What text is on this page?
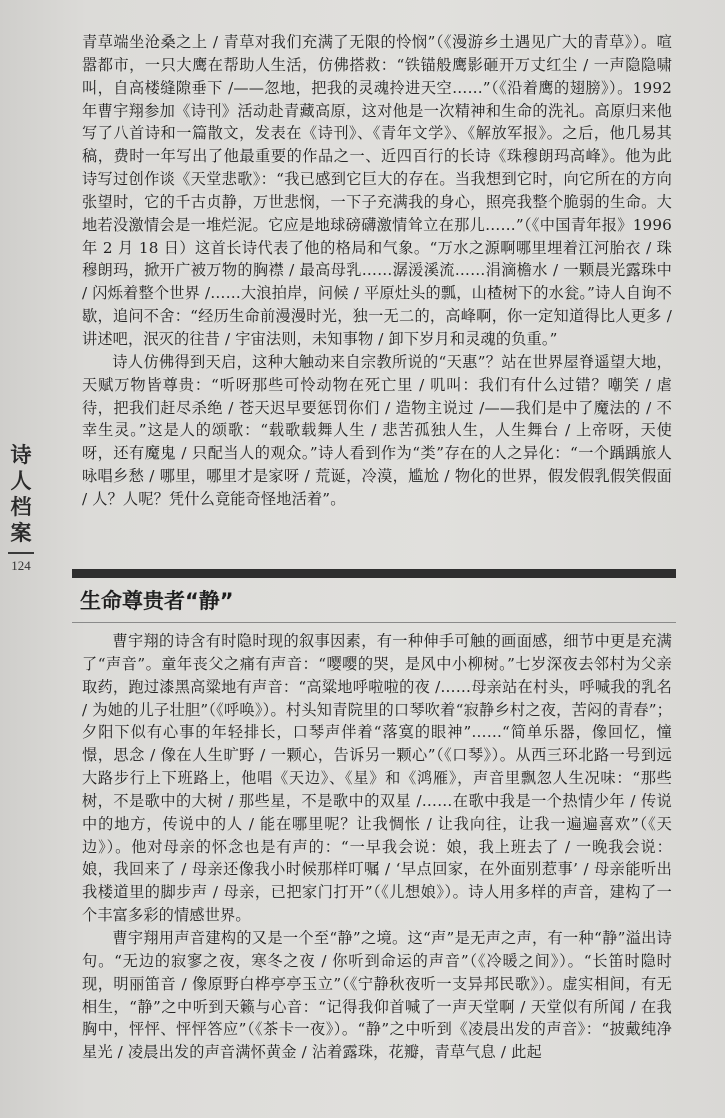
青草端坐沧桑之上 / 青草对我们充满了无限的怜悯”（《漫游乡土遇见广大的青草》）。喧嚣都市，一只大鹰在帮助人生活，仿佛搭救：“铁锚般鹰影砸开万丈红尘 / 一声隐隐啸叫，自高楼缝隙垂下 /——忽地，把我的灵魂拎进天空……”（《沿着鹰的翅膀》）。1992 年曹宇翔参加《诗刊》活动赴青藏高原，这对他是一次精神和生命的洗礼。高原归来他写了八首诗和一篇散文，发表在《诗刊》、《青年文学》、《解放军报》。之后，他几易其稿，费时一年写出了他最重要的作品之一、近四百行的长诗《珠穆朗玛高峰》。他为此诗写过创作谈《天堂悲歌》：“我已感到它巨大的存在。当我想到它时，向它所在的方向张望时，它的千古贞静，万世悲悯，一下子充满我的身心，照亮我整个脆弱的生命。大地若没激情会是一堆烂泥。它应是地球磅礴激情耸立在那儿……”（《中国青年报》1996 年 2 月 18 日）这首长诗代表了他的格局和气象。“万水之源啊哪里埋着江河胎衣 / 珠穆朗玛，掀开广被万物的胸襟 / 最高母乳……潺湲溪流……涓滴檐水 / 一颗晨光露珠中 / 闪烁着整个世界 /……大浪拍岸，问候 / 平原灶头的瓢，山楂树下的水瓮。”诗人自询不歇，追问不舍：“经历生命前漫漫时光，独一无二的，高峰啊，你一定知道得比人更多 / 讲述吧，泯灭的往昔 / 宇宙法则，未知事物 / 卸下岁月和灵魂的负重。”

诗人仿佛得到天启，这种大触动来自宗教所说的“天惠”？站在世界屋脊遥望大地，天赋万物皆尊贵：“听呀那些可怜动物在死亡里 / 叽叫：我们有什么过错？嘲笑 / 虐待，把我们赶尽杀绝 / 苍天迟早要惩罚你们 / 造物主说过 /——我们是中了魔法的 / 不幸生灵。”这是人的颂歌：“载歌载舞人生 / 悲苦孤独人生，人生舞台 / 上帝呀，天使呀，还有魔鬼 / 只配当人的观众。”诗人看到作为“类”存在的人之异化：“一个踽踽旅人咏唱乡愁 / 哪里，哪里才是家呀 / 荒诞，冷漠，尴尬 / 物化的世界，假发假乳假笑假面 / 人？人呢？凭什么竟能奇怪地活着”。

诗
人
档
案
124
生命尊贵者“静”

曹宇翔的诗含有时隐时现的叙事因素，有一种伸手可触的画面感，细节中更是充满了“声音”。童年丧父之痛有声音：“嘤嘤的哭，是风中小柳树。”七岁深夜去邻村为父亲取药，跑过漆黑高粱地有声音：“高粱地呼啦啦的夜 /……母亲站在村头，呼喊我的乳名 / 为她的儿子壮胆”（《呼唤》）。村头知青院里的口琴吹着“寂静乡村之夜，苦闷的青春”；夕阳下似有心事的年轻排长，口琴声伴着“落寞的眼神”……“简单乐器，像回忆，憧憬，思念 / 像在人生旷野 / 一颗心，告诉另一颗心”（《口琴》）。从西三环北路一号到远大路步行上下班路上，他唱《天边》、《星》和《鸿雁》，声音里飘忽人生况味：“那些树，不是歌中的大树 / 那些星，不是歌中的双星 /……在歌中我是一个热情少年 / 传说中的地方，传说中的人 / 能在哪里呢？让我惆怅 / 让我向往，让我一遍遍喜欢”（《天边》）。他对母亲的怀念也是有声的：“一早我会说：娘，我上班去了 / 一晚我会说：娘，我回来了 / 母亲还像我小时候那样叮嘱 / ‘早点回家，在外面别惹事’ / 母亲能听出我楼道里的脚步声 / 母亲，已把家门打开”（《儿想娘》）。诗人用多样的声音，建构了一个丰富多彩的情感世界。

曹宇翔用声音建构的又是一个至“静”之境。这“声”是无声之声，有一种“静”溢出诗句。“无边的寂寥之夜，寒冬之夜 / 你听到命运的声音”（《冷暖之间》）。“长笛时隐时现，明丽笛音 / 像原野白桦亭亭玉立”（《宁静秋夜听一支异邦民歌》）。虚实相间，有无相生，“静”之中听到天籁与心音：“记得我仰首喊了一声天堂啊 / 天堂似有所闻 / 在我胸中，怦怦、怦怦答应”（《茶卡一夜》）。“静”之中听到《凌晨出发的声音》：“披戴纯净星光 / 凌晨出发的声音满怀黄金 / 沾着露珠，花瓣，青草气息 / 此起
